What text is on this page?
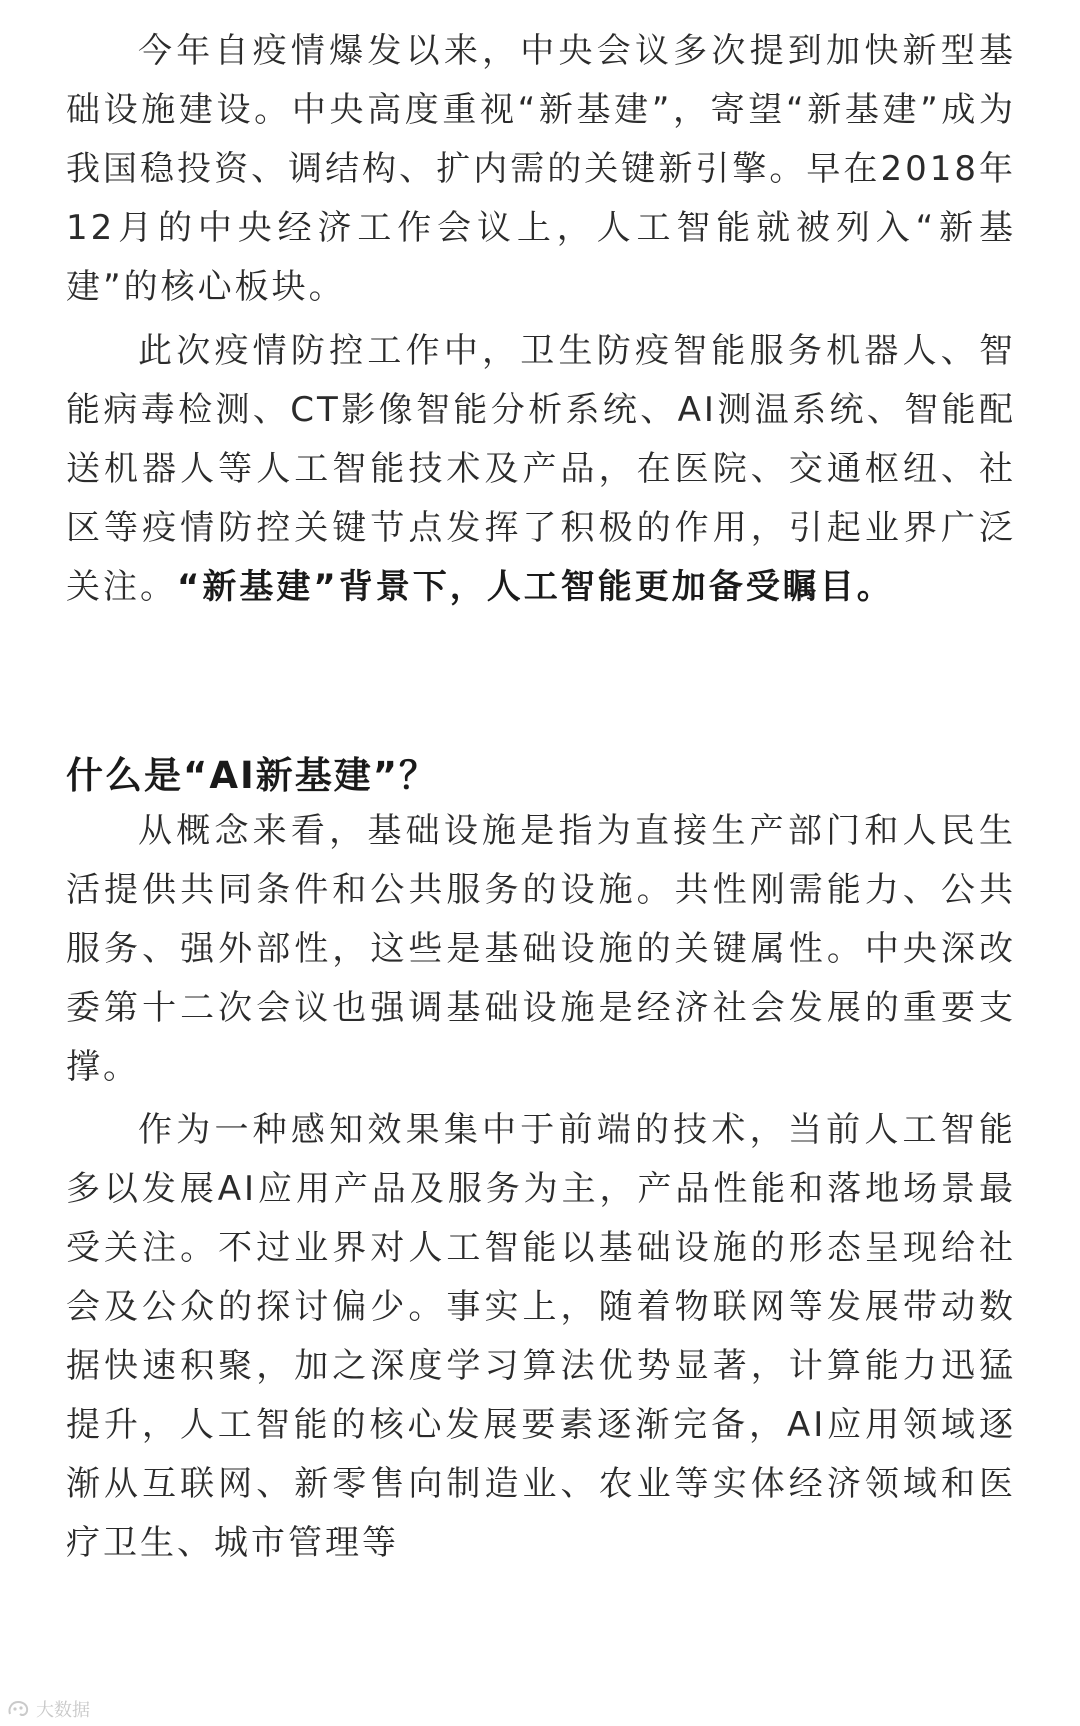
今年自疫情爆发以来，中央会议多次提到加快新型基础设施建设。中央高度重视“新基建”，寄望“新基建”成为我国稳投资、调结构、扩内需的关键新引擎。早在2018年12月的中央经济工作会议上，人工智能就被列入“新基建”的核心板块。

此次疫情防控工作中，卫生防疫智能服务机器人、智能病毒检测、CT影像智能分析系统、AI测温系统、智能配送机器人等人工智能技术及产品，在医院、交通枢纽、社区等疫情防控关键节点发挥了积极的作用，引起业界广泛关注。“新基建”背景下，人工智能更加备受瞩目。

什么是“AI新基建”？

从概念来看，基础设施是指为直接生产部门和人民生活提供共同条件和公共服务的设施。共性刚需能力、公共服务、强外部性，这些是基础设施的关键属性。中央深改委第十二次会议也强调基础设施是经济社会发展的重要支撑。

作为一种感知效果集中于前端的技术，当前人工智能多以发展AI应用产品及服务为主，产品性能和落地场景最受关注。不过业界对人工智能以基础设施的形态呈现给社会及公众的探讨偏少。事实上，随着物联网等发展带动数据快速积聚，加之深度学习算法优势显著，计算能力迅猛提升，人工智能的核心发展要素逐渐完备，AI应用领域逐渐从互联网、新零售向制造业、农业等实体经济领域和医疗卫生、城市管理等

大数据
